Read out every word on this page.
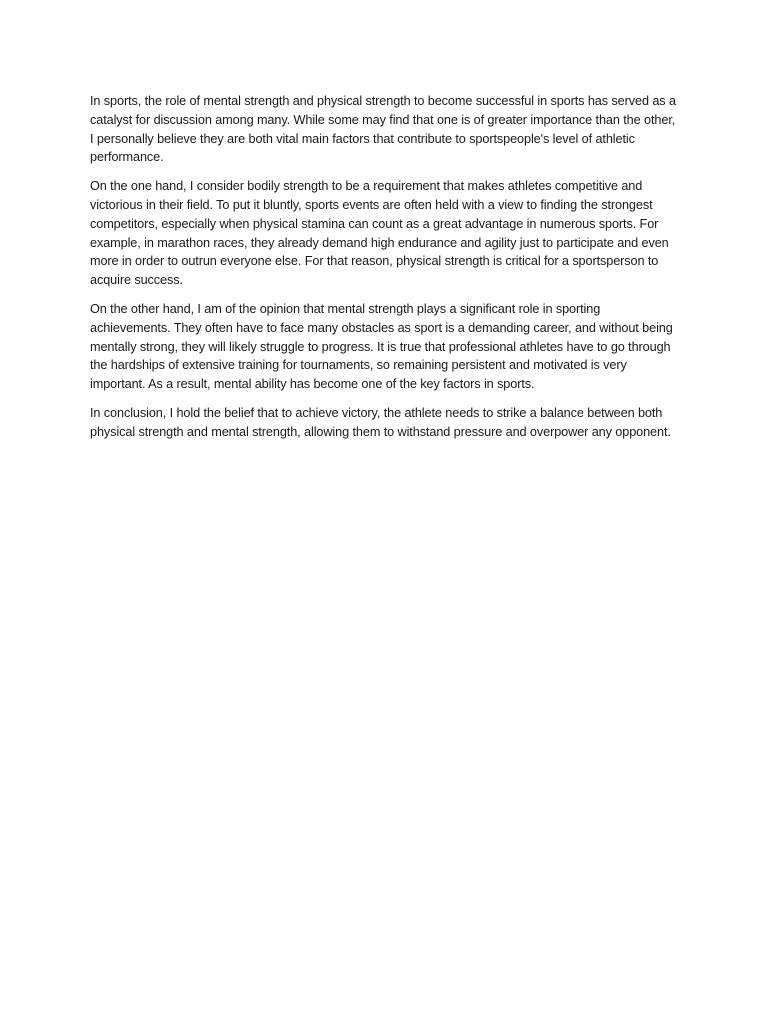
In sports, the role of mental strength and physical strength to become successful in sports has served as a catalyst for discussion among many. While some may find that one is of greater importance than the other, I personally believe they are both vital main factors that contribute to sportspeople's level of athletic performance.

On the one hand, I consider bodily strength to be a requirement that makes athletes competitive and victorious in their field. To put it bluntly, sports events are often held with a view to finding the strongest competitors, especially when physical stamina can count as a great advantage in numerous sports. For example, in marathon races, they already demand high endurance and agility just to participate and even more in order to outrun everyone else. For that reason, physical strength is critical for a sportsperson to acquire success.

On the other hand, I am of the opinion that mental strength plays a significant role in sporting achievements. They often have to face many obstacles as sport is a demanding career, and without being mentally strong, they will likely struggle to progress. It is true that professional athletes have to go through the hardships of extensive training for tournaments, so remaining persistent and motivated is very important. As a result, mental ability has become one of the key factors in sports.

In conclusion, I hold the belief that to achieve victory, the athlete needs to strike a balance between both physical strength and mental strength, allowing them to withstand pressure and overpower any opponent.
